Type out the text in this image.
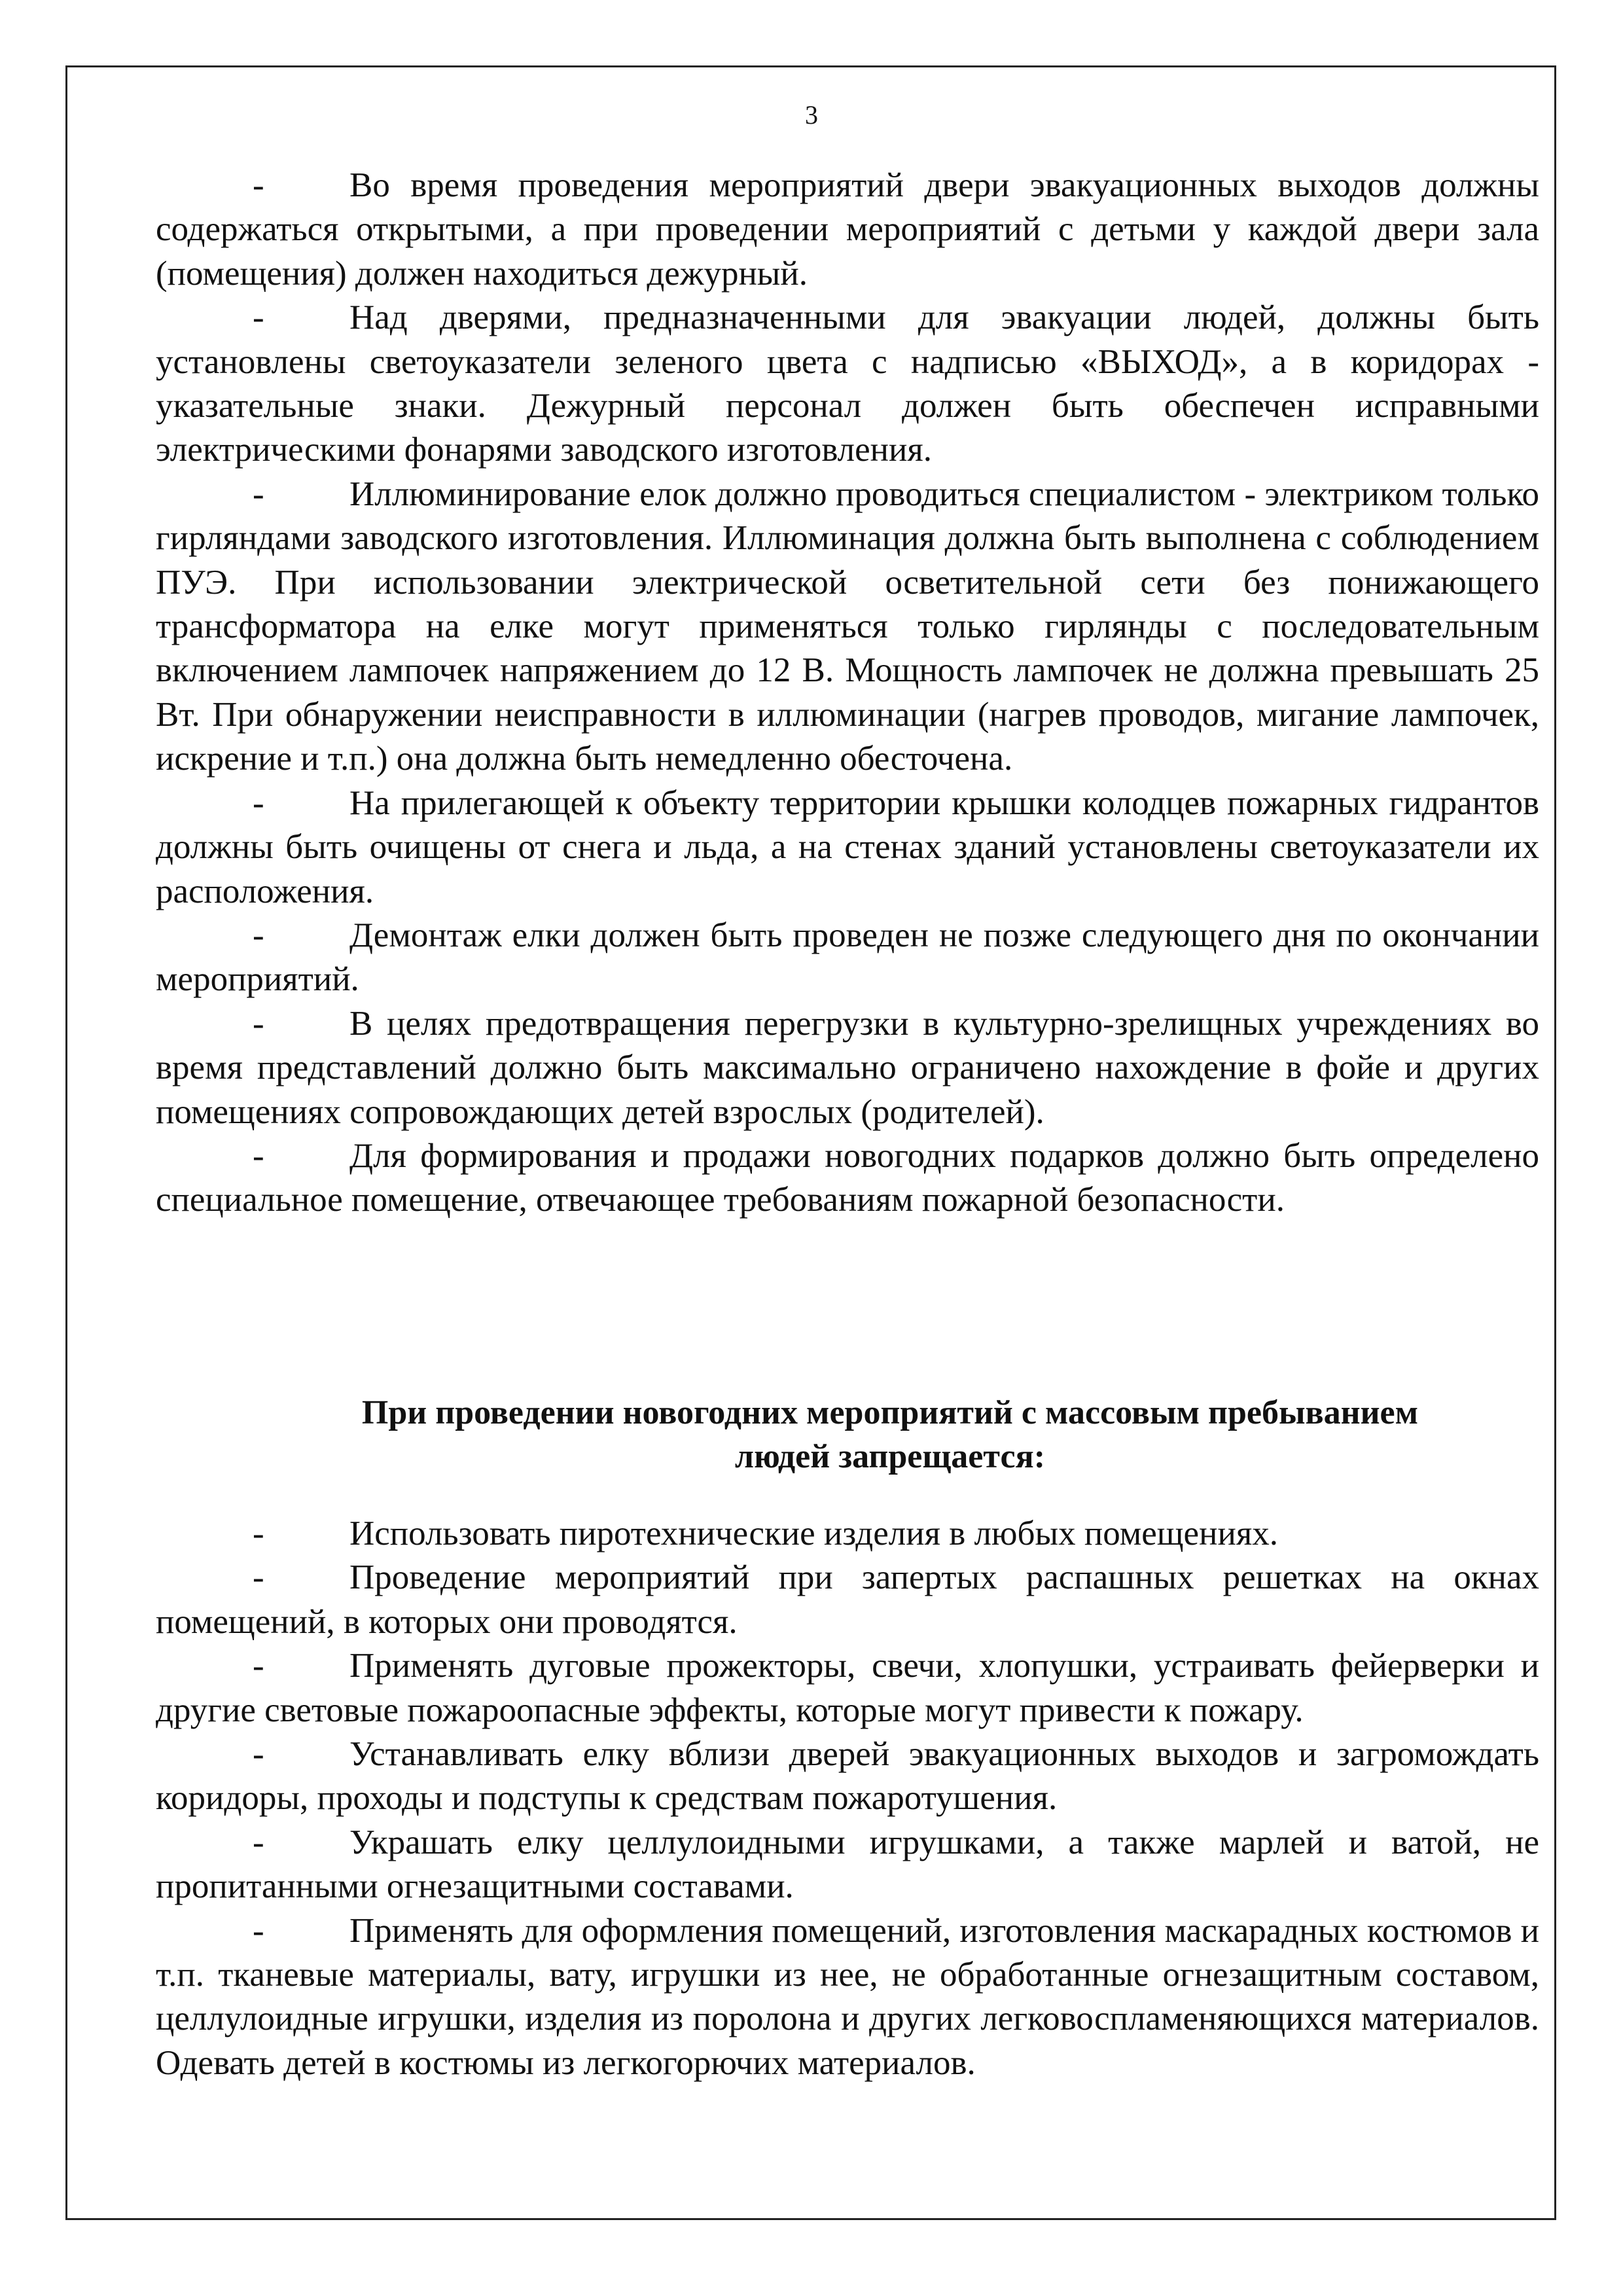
3

- Во время проведения мероприятий двери эвакуационных выходов должны содержаться открытыми, а при проведении мероприятий с детьми у каждой двери зала (помещения) должен находиться дежурный.

- Над дверями, предназначенными для эвакуации людей, должны быть установлены светоуказатели зеленого цвета с надписью «ВЫХОД», а в коридорах - указательные знаки. Дежурный персонал должен быть обеспечен исправными электрическими фонарями заводского изготовления.

- Иллюминирование елок должно проводиться специалистом - электриком только гирляндами заводского изготовления. Иллюминация должна быть выполнена с соблюдением ПУЭ. При использовании электрической осветительной сети без понижающего трансформатора на елке могут применяться только гирлянды с последовательным включением лампочек напряжением до 12 В. Мощность лампочек не должна превышать 25 Вт. При обнаружении неисправности в иллюминации (нагрев проводов, мигание лампочек, искрение и т.п.) она должна быть немедленно обесточена.

- На прилегающей к объекту территории крышки колодцев пожарных гидрантов должны быть очищены от снега и льда, а на стенах зданий установлены светоуказатели их расположения.

- Демонтаж елки должен быть проведен не позже следующего дня по окончании мероприятий.

- В целях предотвращения перегрузки в культурно-зрелищных учреждениях во время представлений должно быть максимально ограничено нахождение в фойе и других помещениях сопровождающих детей взрослых (родителей).

- Для формирования и продажи новогодних подарков должно быть определено специальное помещение, отвечающее требованиям пожарной безопасности.

При проведении новогодних мероприятий с массовым пребыванием
людей запрещается:

- Использовать пиротехнические изделия в любых помещениях.

- Проведение мероприятий при запертых распашных решетках на окнах помещений, в которых они проводятся.

- Применять дуговые прожекторы, свечи, хлопушки, устраивать фейерверки и другие световые пожароопасные эффекты, которые могут привести к пожару.

- Устанавливать елку вблизи дверей эвакуационных выходов и загромождать коридоры, проходы и подступы к средствам пожаротушения.

- Украшать елку целлулоидными игрушками, а также марлей и ватой, не пропитанными огнезащитными составами.

- Применять для оформления помещений, изготовления маскарадных костюмов и т.п. тканевые материалы, вату, игрушки из нее, не обработанные огнезащитным составом, целлулоидные игрушки, изделия из поролона и других легковоспламеняющихся материалов. Одевать детей в костюмы из легкогорючих материалов.
